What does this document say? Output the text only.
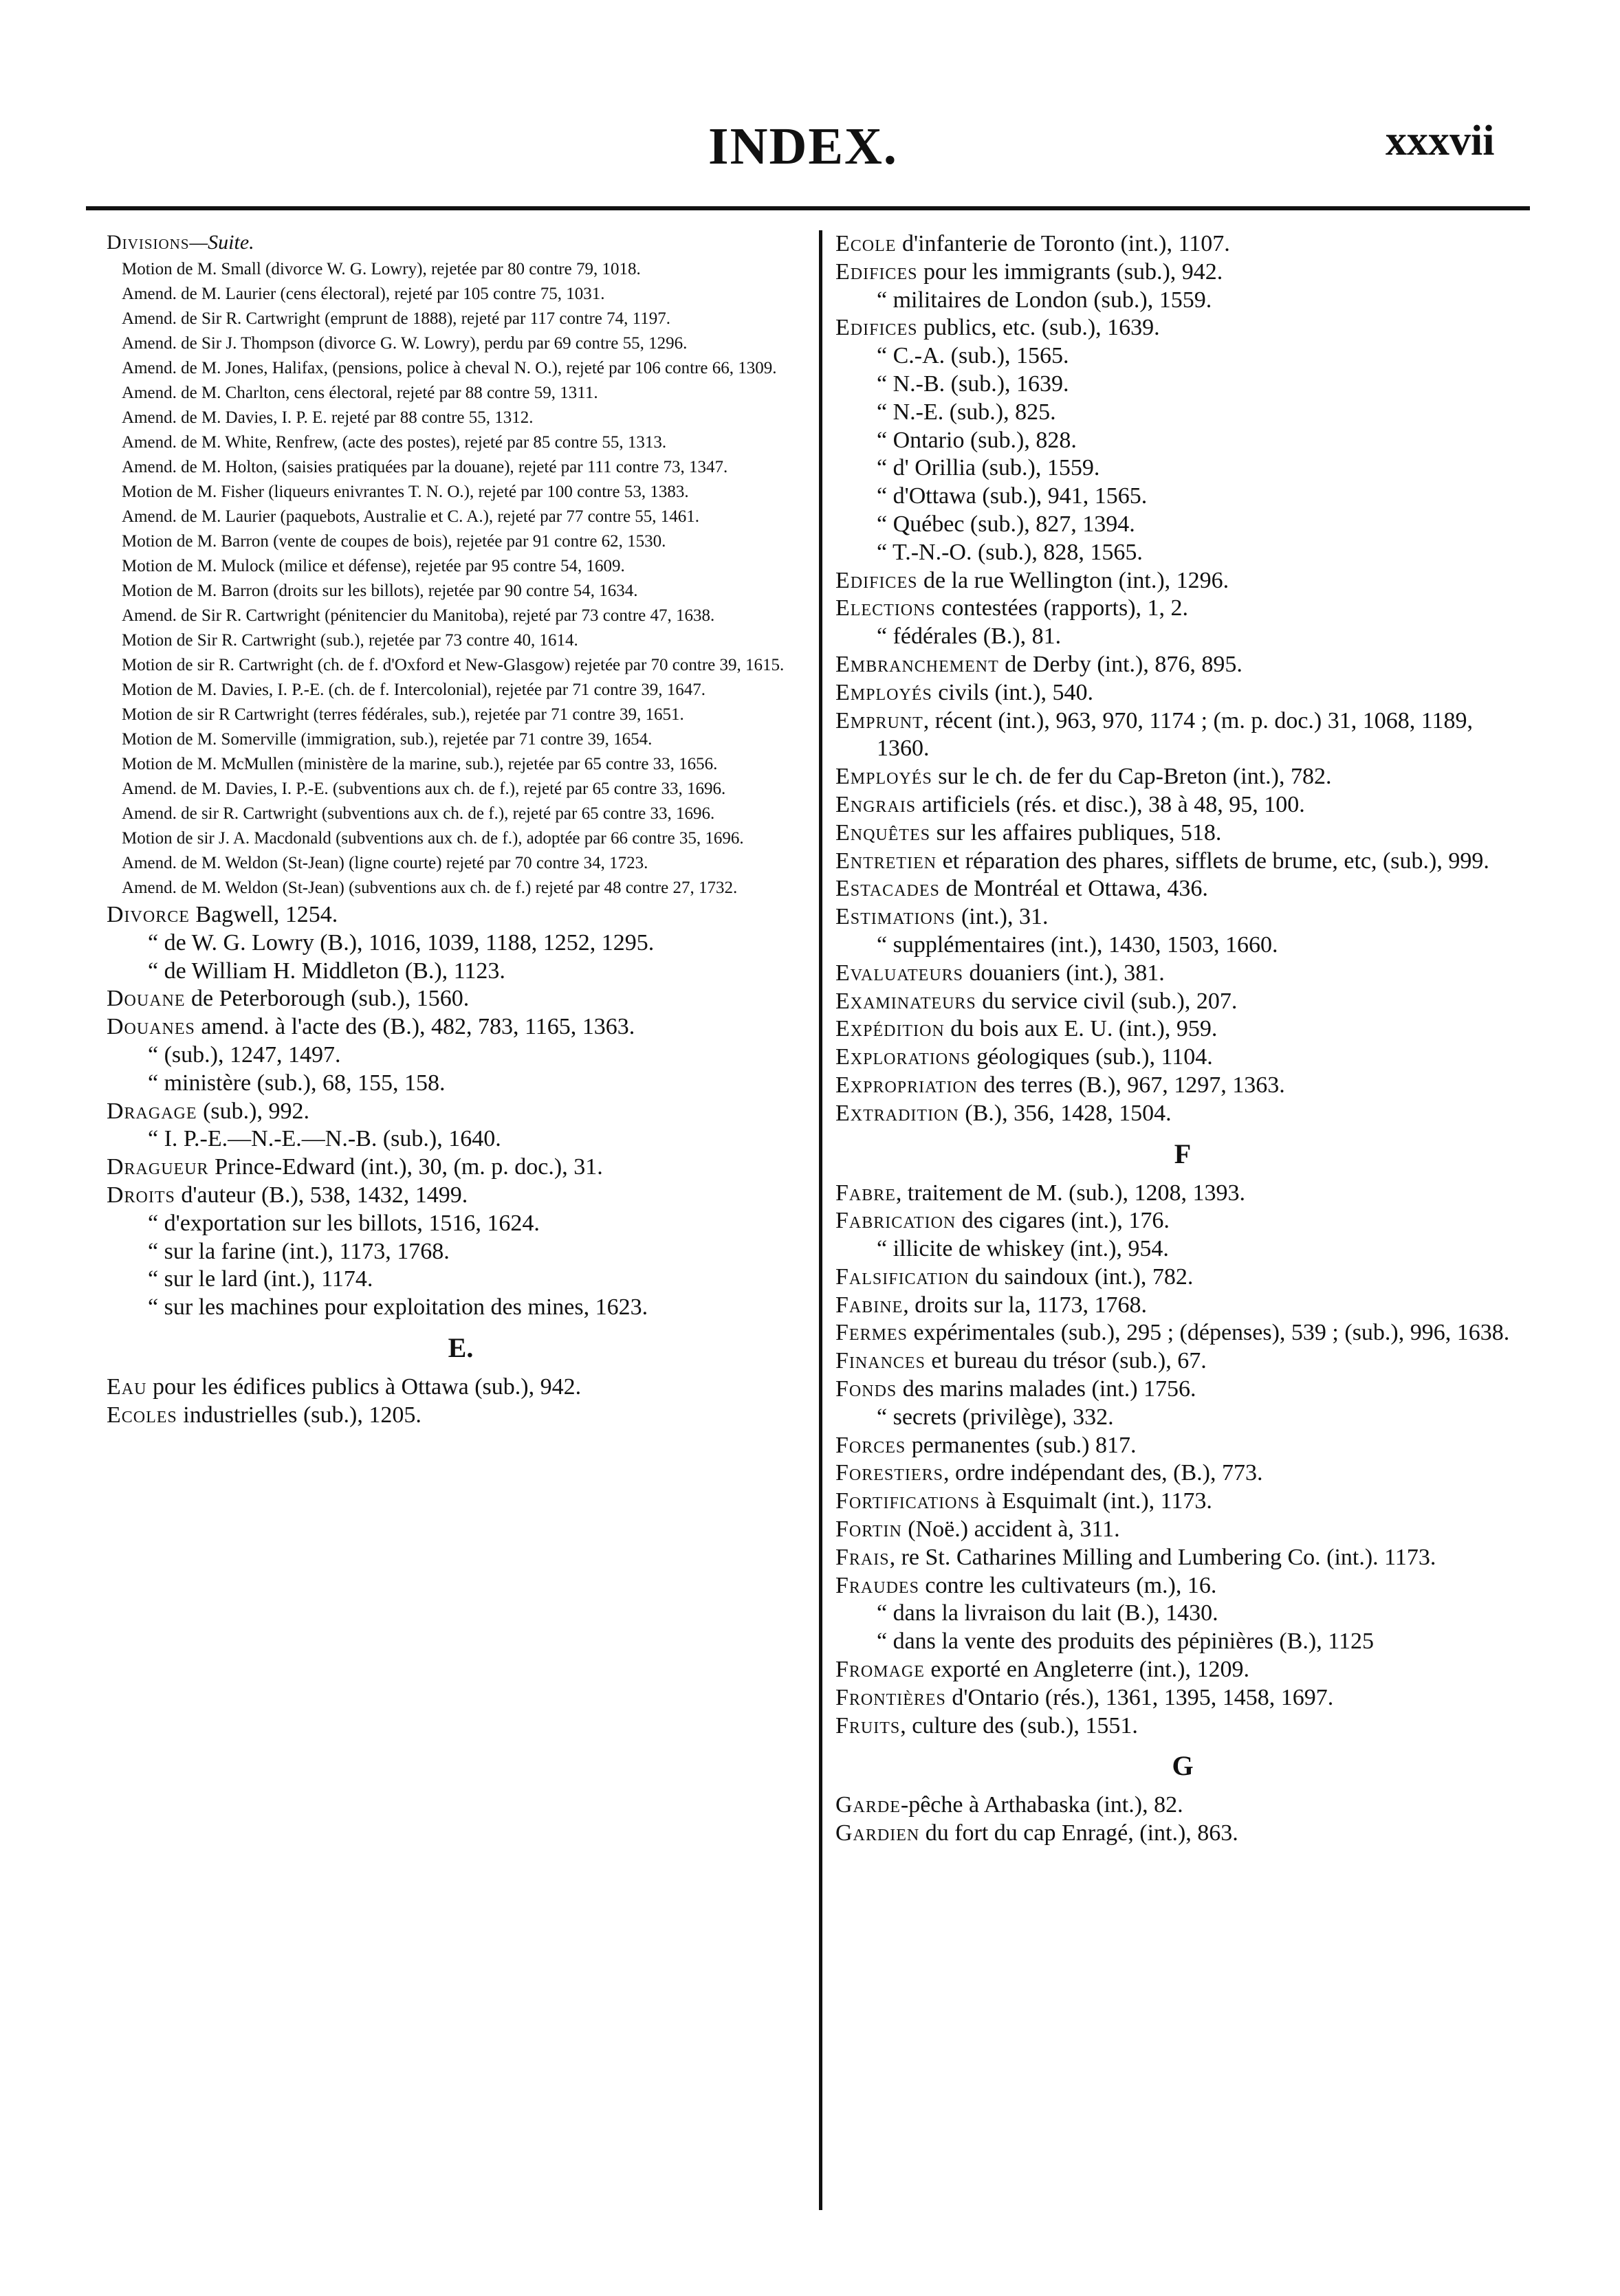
INDEX.	xxxvii

Divisions—Suite.

Motion de M. Small (divorce W. G. Lowry), rejetée par 80 contre 79, 1018.

Amend. de M. Laurier (cens électoral), rejeté par 105 contre 75, 1031.

Amend. de Sir R. Cartwright (emprunt de 1888), rejeté par 117 contre 74, 1197.

Amend. de Sir J. Thompson (divorce G. W. Lowry), perdu par 69 contre 55, 1296.

Amend. de M. Jones, Halifax, (pensions, police à cheval N. O.), rejeté par 106 contre 66, 1309.

Amend. de M. Charlton, cens électoral, rejeté par 88 contre 59, 1311.

Amend. de M. Davies, I. P. E. rejeté par 88 contre 55, 1312.

Amend. de M. White, Renfrew, (acte des postes), rejeté par 85 contre 55, 1313.

Amend. de M. Holton, (saisies pratiquées par la douane), rejeté par 111 contre 73, 1347.

Motion de M. Fisher (liqueurs enivrantes T. N. O.), rejeté par 100 contre 53, 1383.

Amend. de M. Laurier (paquebots, Australie et C. A.), rejeté par 77 contre 55, 1461.

Motion de M. Barron (vente de coupes de bois), rejetée par 91 contre 62, 1530.

Motion de M. Mulock (milice et défense), rejetée par 95 contre 54, 1609.

Motion de M. Barron (droits sur les billots), rejetée par 90 contre 54, 1634.

Amend. de Sir R. Cartwright (pénitencier du Manitoba), rejeté par 73 contre 47, 1638.

Motion de Sir R. Cartwright (sub.), rejetée par 73 contre 40, 1614.

Motion de sir R. Cartwright (ch. de f. d'Oxford et New-Glasgow) rejetée par 70 contre 39, 1615.

Motion de M. Davies, I. P.-E. (ch. de f. Intercolonial), rejetée par 71 contre 39, 1647.

Motion de sir R Cartwright (terres fédérales, sub.), rejetée par 71 contre 39, 1651.

Motion de M. Somerville (immigration, sub.), rejetée par 71 contre 39, 1654.

Motion de M. McMullen (ministère de la marine, sub.), rejetée par 65 contre 33, 1656.

Amend. de M. Davies, I. P.-E. (subventions aux ch. de f.), rejeté par 65 contre 33, 1696.

Amend. de sir R. Cartwright (subventions aux ch. de f.), rejeté par 65 contre 33, 1696.

Motion de sir J. A. Macdonald (subventions aux ch. de f.), adoptée par 66 contre 35, 1696.

Amend. de M. Weldon (St-Jean) (ligne courte) rejeté par 70 contre 34, 1723.

Amend. de M. Weldon (St-Jean) (subventions aux ch. de f.) rejeté par 48 contre 27, 1732.

Divorce Bagwell, 1254.

“ de W. G. Lowry (B.), 1016, 1039, 1188, 1252, 1295.

“ de William H. Middleton (B.), 1123.

Douane de Peterborough (sub.), 1560.

Douanes amend. à l'acte des (B.), 482, 783, 1165, 1363.

“ (sub.), 1247, 1497.

“ ministère (sub.), 68, 155, 158.

Dragage (sub.), 992.

“ I. P.-E.—N.-E.—N.-B. (sub.), 1640.

Dragueur Prince-Edward (int.), 30, (m. p. doc.), 31.

Droits d'auteur (B.), 538, 1432, 1499.

“ d'exportation sur les billots, 1516, 1624.

“ sur la farine (int.), 1173, 1768.

“ sur le lard (int.), 1174.

“ sur les machines pour exploitation des mines, 1623.

E.

Eau pour les édifices publics à Ottawa (sub.), 942.

Ecoles industrielles (sub.), 1205.

Ecole d'infanterie de Toronto (int.), 1107.

Edifices pour les immigrants (sub.), 942.

“ militaires de London (sub.), 1559.

Edifices publics, etc. (sub.), 1639.

“ C.-A. (sub.), 1565.

“ N.-B. (sub.), 1639.

“ N.-E. (sub.), 825.

“ Ontario (sub.), 828.

“ d' Orillia (sub.), 1559.

“ d'Ottawa (sub.), 941, 1565.

“ Québec (sub.), 827, 1394.

“ T.-N.-O. (sub.), 828, 1565.

Edifices de la rue Wellington (int.), 1296.

Elections contestées (rapports), 1, 2.

“ fédérales (B.), 81.

Embranchement de Derby (int.), 876, 895.

Employés civils (int.), 540.

Emprunt, récent (int.), 963, 970, 1174 ; (m. p. doc.) 31, 1068, 1189, 1360.

Employés sur le ch. de fer du Cap-Breton (int.), 782.

Engrais artificiels (rés. et disc.), 38 à 48, 95, 100.

Enquêtes sur les affaires publiques, 518.

Entretien et réparation des phares, sifflets de brume, etc, (sub.), 999.

Estacades de Montréal et Ottawa, 436.

Estimations (int.), 31.

“ supplémentaires (int.), 1430, 1503, 1660.

Evaluateurs douaniers (int.), 381.

Examinateurs du service civil (sub.), 207.

Expédition du bois aux E. U. (int.), 959.

Explorations géologiques (sub.), 1104.

Expropriation des terres (B.), 967, 1297, 1363.

Extradition (B.), 356, 1428, 1504.

F

Fabre, traitement de M. (sub.), 1208, 1393.

Fabrication des cigares (int.), 176.

“ illicite de whiskey (int.), 954.

Falsification du saindoux (int.), 782.

Fabine, droits sur la, 1173, 1768.

Fermes expérimentales (sub.), 295 ; (dépenses), 539 ; (sub.), 996, 1638.

Finances et bureau du trésor (sub.), 67.

Fonds des marins malades (int.) 1756.

“ secrets (privilège), 332.

Forces permanentes (sub.) 817.

Forestiers, ordre indépendant des, (B.), 773.

Fortifications à Esquimalt (int.), 1173.

Fortin (Noë.) accident à, 311.

Frais, re St. Catharines Milling and Lumbering Co. (int.). 1173.

Fraudes contre les cultivateurs (m.), 16.

“ dans la livraison du lait (B.), 1430.

“ dans la vente des produits des pépinières (B.), 1125

Fromage exporté en Angleterre (int.), 1209.

Frontières d'Ontario (rés.), 1361, 1395, 1458, 1697.

Fruits, culture des (sub.), 1551.

G

Garde-pêche à Arthabaska (int.), 82.

Gardien du fort du cap Enragé, (int.), 863.
